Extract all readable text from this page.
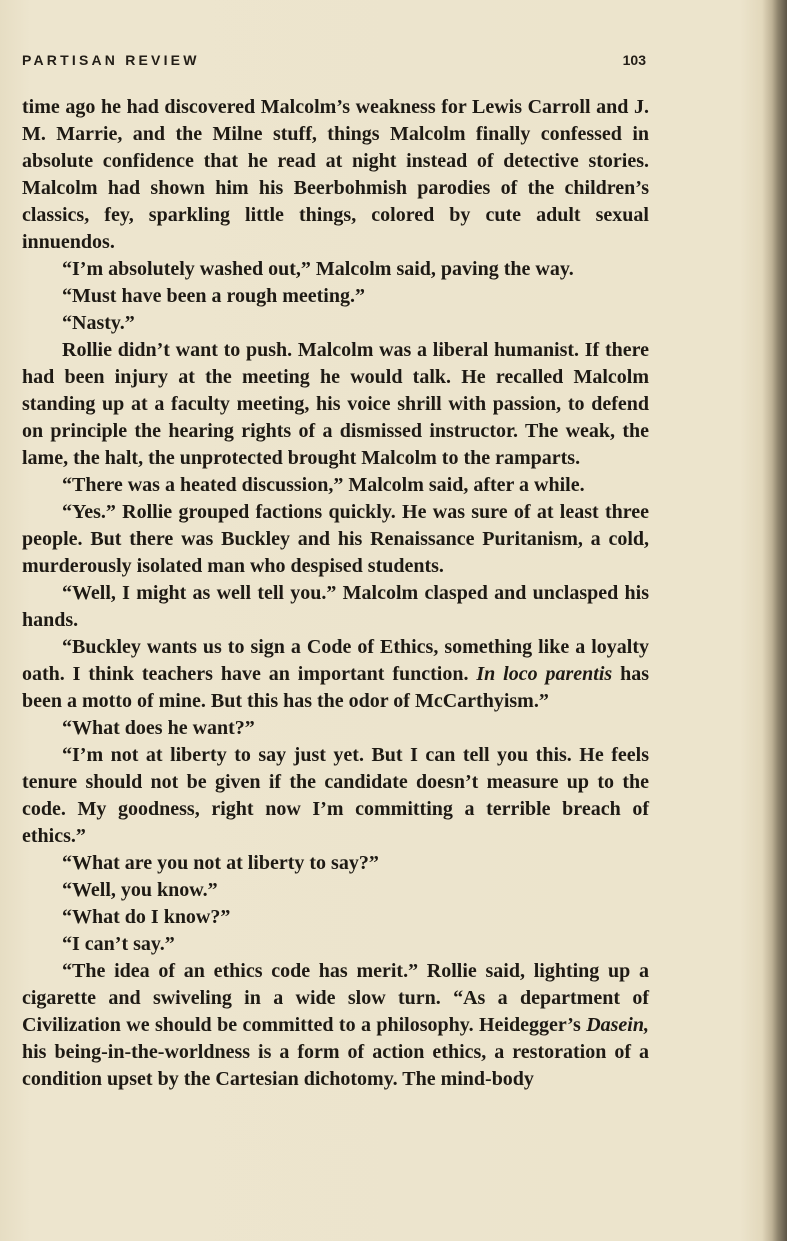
PARTISAN REVIEW	103

time ago he had discovered Malcolm’s weakness for Lewis Carroll and J. M. Marrie, and the Milne stuff, things Malcolm finally confessed in absolute confidence that he read at night instead of detective stories. Malcolm had shown him his Beerbohmish parodies of the children’s classics, fey, sparkling little things, colored by cute adult sexual innuendos.

“I’m absolutely washed out,” Malcolm said, paving the way.

“Must have been a rough meeting.”

“Nasty.”

Rollie didn’t want to push. Malcolm was a liberal humanist. If there had been injury at the meeting he would talk. He recalled Malcolm standing up at a faculty meeting, his voice shrill with passion, to defend on principle the hearing rights of a dismissed instructor. The weak, the lame, the halt, the unprotected brought Malcolm to the ramparts.

“There was a heated discussion,” Malcolm said, after a while.

“Yes.” Rollie grouped factions quickly. He was sure of at least three people. But there was Buckley and his Renaissance Puritanism, a cold, murderously isolated man who despised students.

“Well, I might as well tell you.” Malcolm clasped and unclasped his hands.

“Buckley wants us to sign a Code of Ethics, something like a loyalty oath. I think teachers have an important function. In loco parentis has been a motto of mine. But this has the odor of McCarthyism.”

“What does he want?”

“I’m not at liberty to say just yet. But I can tell you this. He feels tenure should not be given if the candidate doesn’t measure up to the code. My goodness, right now I’m committing a terrible breach of ethics.”

“What are you not at liberty to say?”

“Well, you know.”

“What do I know?”

“I can’t say.”

“The idea of an ethics code has merit.” Rollie said, lighting up a cigarette and swiveling in a wide slow turn. “As a department of Civilization we should be committed to a philosophy. Heidegger’s Dasein, his being-in-the-worldness is a form of action ethics, a restoration of a condition upset by the Cartesian dichotomy. The mind-body
